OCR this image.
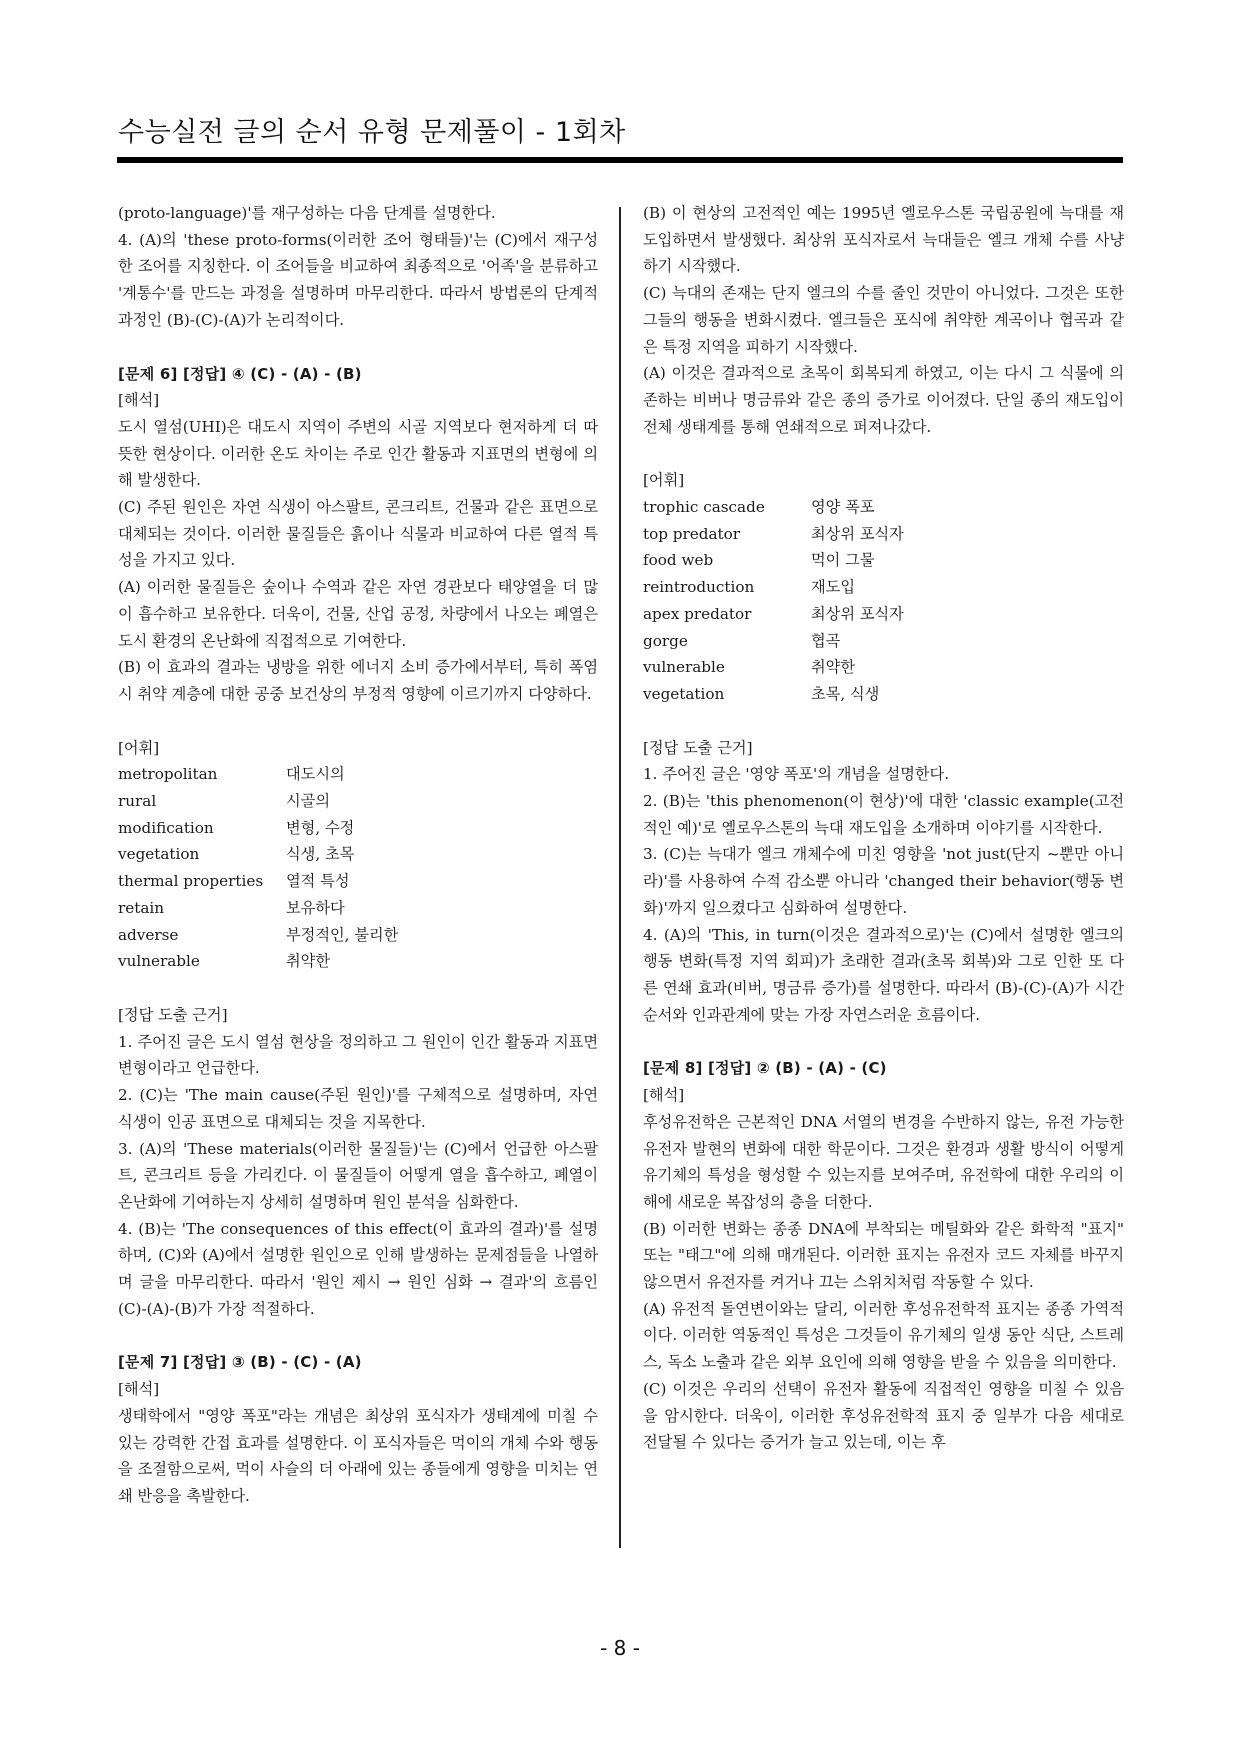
수능실전 글의 순서 유형 문제풀이 - 1회차

(proto-language)'를 재구성하는 다음 단계를 설명한다.

4. (A)의 'these proto-forms(이러한 조어 형태들)'는 (C)에서 재구성한 조어를 지칭한다. 이 조어들을 비교하여 최종적으로 '어족'을 분류하고 '계통수'를 만드는 과정을 설명하며 마무리한다. 따라서 방법론의 단계적 과정인 (B)-(C)-(A)가 논리적이다.

[문제 6] [정답] ④ (C) - (A) - (B)

[해석]

도시 열섬(UHI)은 대도시 지역이 주변의 시골 지역보다 현저하게 더 따뜻한 현상이다. 이러한 온도 차이는 주로 인간 활동과 지표면의 변형에 의해 발생한다.

(C) 주된 원인은 자연 식생이 아스팔트, 콘크리트, 건물과 같은 표면으로 대체되는 것이다. 이러한 물질들은 흙이나 식물과 비교하여 다른 열적 특성을 가지고 있다.

(A) 이러한 물질들은 숲이나 수역과 같은 자연 경관보다 태양열을 더 많이 흡수하고 보유한다. 더욱이, 건물, 산업 공정, 차량에서 나오는 폐열은 도시 환경의 온난화에 직접적으로 기여한다.

(B) 이 효과의 결과는 냉방을 위한 에너지 소비 증가에서부터, 특히 폭염 시 취약 계층에 대한 공중 보건상의 부정적 영향에 이르기까지 다양하다.

[어휘]

metropolitan	대도시의
rural	시골의
modification	변형, 수정
vegetation	식생, 초목
thermal properties	열적 특성
retain	보유하다
adverse	부정적인, 불리한
vulnerable	취약한

[정답 도출 근거]

1. 주어진 글은 도시 열섬 현상을 정의하고 그 원인이 인간 활동과 지표면 변형이라고 언급한다.

2. (C)는 'The main cause(주된 원인)'를 구체적으로 설명하며, 자연 식생이 인공 표면으로 대체되는 것을 지목한다.

3. (A)의 'These materials(이러한 물질들)'는 (C)에서 언급한 아스팔트, 콘크리트 등을 가리킨다. 이 물질들이 어떻게 열을 흡수하고, 폐열이 온난화에 기여하는지 상세히 설명하며 원인 분석을 심화한다.

4. (B)는 'The consequences of this effect(이 효과의 결과)'를 설명하며, (C)와 (A)에서 설명한 원인으로 인해 발생하는 문제점들을 나열하며 글을 마무리한다. 따라서 '원인 제시 → 원인 심화 → 결과'의 흐름인 (C)-(A)-(B)가 가장 적절하다.

[문제 7] [정답] ③ (B) - (C) - (A)

[해석]

생태학에서 "영양 폭포"라는 개념은 최상위 포식자가 생태계에 미칠 수 있는 강력한 간접 효과를 설명한다. 이 포식자들은 먹이의 개체 수와 행동을 조절함으로써, 먹이 사슬의 더 아래에 있는 종들에게 영향을 미치는 연쇄 반응을 촉발한다.

(B) 이 현상의 고전적인 예는 1995년 옐로우스톤 국립공원에 늑대를 재도입하면서 발생했다. 최상위 포식자로서 늑대들은 엘크 개체 수를 사냥하기 시작했다.

(C) 늑대의 존재는 단지 엘크의 수를 줄인 것만이 아니었다. 그것은 또한 그들의 행동을 변화시켰다. 엘크들은 포식에 취약한 계곡이나 협곡과 같은 특정 지역을 피하기 시작했다.

(A) 이것은 결과적으로 초목이 회복되게 하였고, 이는 다시 그 식물에 의존하는 비버나 명금류와 같은 종의 증가로 이어졌다. 단일 종의 재도입이 전체 생태계를 통해 연쇄적으로 퍼져나갔다.

[어휘]

trophic cascade	영양 폭포
top predator	최상위 포식자
food web	먹이 그물
reintroduction	재도입
apex predator	최상위 포식자
gorge	협곡
vulnerable	취약한
vegetation	초목, 식생

[정답 도출 근거]

1. 주어진 글은 '영양 폭포'의 개념을 설명한다.

2. (B)는 'this phenomenon(이 현상)'에 대한 'classic example(고전적인 예)'로 옐로우스톤의 늑대 재도입을 소개하며 이야기를 시작한다.

3. (C)는 늑대가 엘크 개체수에 미친 영향을 'not just(단지 ~뿐만 아니라)'를 사용하여 수적 감소뿐 아니라 'changed their behavior(행동 변화)'까지 일으켰다고 심화하여 설명한다.

4. (A)의 'This, in turn(이것은 결과적으로)'는 (C)에서 설명한 엘크의 행동 변화(특정 지역 회피)가 초래한 결과(초목 회복)와 그로 인한 또 다른 연쇄 효과(비버, 명금류 증가)를 설명한다. 따라서 (B)-(C)-(A)가 시간 순서와 인과관계에 맞는 가장 자연스러운 흐름이다.

[문제 8] [정답] ② (B) - (A) - (C)

[해석]

후성유전학은 근본적인 DNA 서열의 변경을 수반하지 않는, 유전 가능한 유전자 발현의 변화에 대한 학문이다. 그것은 환경과 생활 방식이 어떻게 유기체의 특성을 형성할 수 있는지를 보여주며, 유전학에 대한 우리의 이해에 새로운 복잡성의 층을 더한다.

(B) 이러한 변화는 종종 DNA에 부착되는 메틸화와 같은 화학적 "표지" 또는 "태그"에 의해 매개된다. 이러한 표지는 유전자 코드 자체를 바꾸지 않으면서 유전자를 켜거나 끄는 스위치처럼 작동할 수 있다.

(A) 유전적 돌연변이와는 달리, 이러한 후성유전학적 표지는 종종 가역적이다. 이러한 역동적인 특성은 그것들이 유기체의 일생 동안 식단, 스트레스, 독소 노출과 같은 외부 요인에 의해 영향을 받을 수 있음을 의미한다.

(C) 이것은 우리의 선택이 유전자 활동에 직접적인 영향을 미칠 수 있음을 암시한다. 더욱이, 이러한 후성유전학적 표지 중 일부가 다음 세대로 전달될 수 있다는 증거가 늘고 있는데, 이는 후

- 8 -
